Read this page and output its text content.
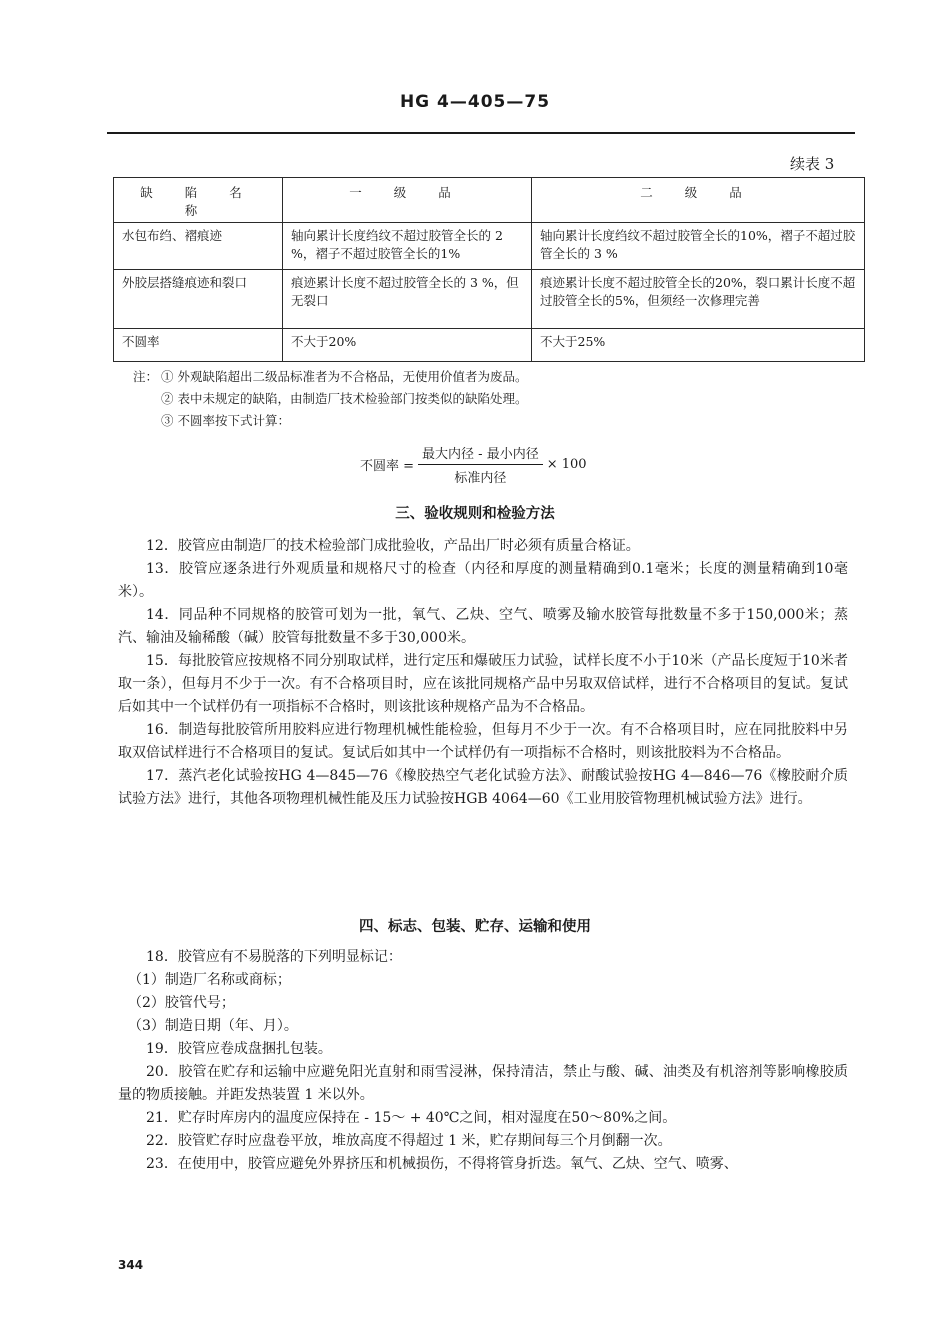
HG 4—405—75
续表 3
缺 陷 名 称	一 级 品	二 级 品
水包布绉、褶痕迹	轴向累计长度绉纹不超过胶管全长的 2 %，褶子不超过胶管全长的1%	轴向累计长度绉纹不超过胶管全长的10%，褶子不超过胶管全长的 3 %
外胶层搭缝痕迹和裂口	痕迹累计长度不超过胶管全长的 3 %，但无裂口	痕迹累计长度不超过胶管全长的20%，裂口累计长度不超过胶管全长的5%，但须经一次修理完善
不圆率	不大于20%	不大于25%
注： ① 外观缺陷超出二级品标准者为不合格品，无使用价值者为废品。
② 表中未规定的缺陷，由制造厂技术检验部门按类似的缺陷处理。
③ 不圆率按下式计算：
不圆率 = $\frac{\text{最大内径 - 最小内径}}{\text{标准内径}} \times 100$
三、验收规则和检验方法

12．胶管应由制造厂的技术检验部门成批验收，产品出厂时必须有质量合格证。

13．胶管应逐条进行外观质量和规格尺寸的检查（内径和厚度的测量精确到0.1毫米；长度的测量精确到10毫米）。

14．同品种不同规格的胶管可划为一批，氧气、乙炔、空气、喷雾及输水胶管每批数量不多于150,000米；蒸汽、输油及输稀酸（碱）胶管每批数量不多于30,000米。

15．每批胶管应按规格不同分别取试样，进行定压和爆破压力试验，试样长度不小于10米（产品长度短于10米者取一条），但每月不少于一次。有不合格项目时，应在该批同规格产品中另取双倍试样，进行不合格项目的复试。复试后如其中一个试样仍有一项指标不合格时，则该批该种规格产品为不合格品。

16．制造每批胶管所用胶料应进行物理机械性能检验，但每月不少于一次。有不合格项目时，应在同批胶料中另取双倍试样进行不合格项目的复试。复试后如其中一个试样仍有一项指标不合格时，则该批胶料为不合格品。

17．蒸汽老化试验按HG 4—845—76《橡胶热空气老化试验方法》、耐酸试验按HG 4—846—76《橡胶耐介质试验方法》进行，其他各项物理机械性能及压力试验按HGB 4064—60《工业用胶管物理机械试验方法》进行。

四、标志、包装、贮存、运输和使用

18．胶管应有不易脱落的下列明显标记：

（1）制造厂名称或商标；

（2）胶管代号；

（3）制造日期（年、月）。

19．胶管应卷成盘捆扎包装。

20．胶管在贮存和运输中应避免阳光直射和雨雪浸淋，保持清洁，禁止与酸、碱、油类及有机溶剂等影响橡胶质量的物质接触。并距发热装置 1 米以外。

21．贮存时库房内的温度应保持在 - 15～ + 40℃之间，相对湿度在50～80%之间。

22．胶管贮存时应盘卷平放，堆放高度不得超过 1 米，贮存期间每三个月倒翻一次。

23．在使用中，胶管应避免外界挤压和机械损伤，不得将管身折迭。氧气、乙炔、空气、喷雾、

344
